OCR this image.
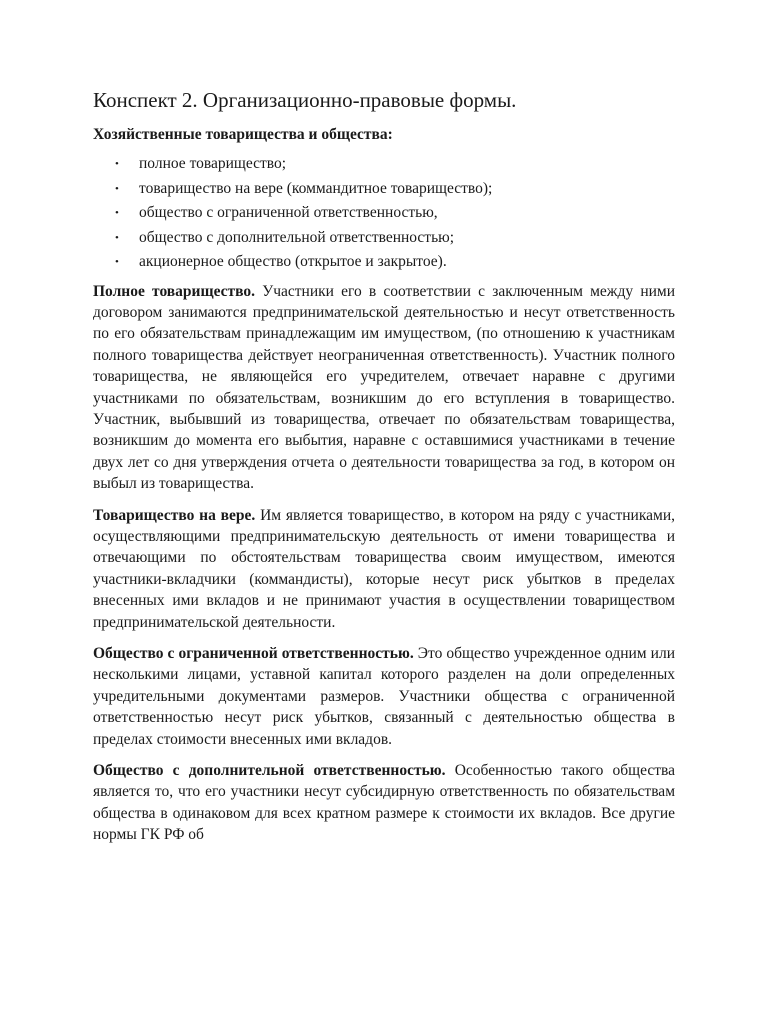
Конспект 2. Организационно-правовые формы.
Хозяйственные товарищества и общества:
• полное товарищество;
• товарищество на вере (коммандитное товарищество);
• общество с ограниченной ответственностью,
• общество с дополнительной ответственностью;
• акционерное общество (открытое и закрытое).

Полное товарищество. Участники его в соответствии с заключенным между ними договором занимаются предпринимательской деятельностью и несут ответственность по его обязательствам принадлежащим им имуществом, (по отношению к участникам полного товарищества действует неограниченная ответственность). Участник полного товарищества, не являющейся его учредителем, отвечает наравне с другими участниками по обязательствам, возникшим до его вступления в товарищество. Участник, выбывший из товарищества, отвечает по обязательствам товарищества, возникшим до момента его выбытия, наравне с оставшимися участниками в течение двух лет со дня утверждения отчета о деятельности товарищества за год, в котором он выбыл из товарищества.

Товарищество на вере. Им является товарищество, в котором на ряду с участниками, осуществляющими предпринимательскую деятельность от имени товарищества и отвечающими по обстоятельствам товарищества своим имуществом, имеются участники-вкладчики (коммандисты), которые несут риск убытков в пределах внесенных ими вкладов и не принимают участия в осуществлении товариществом предпринимательской деятельности.

Общество с ограниченной ответственностью. Это общество учрежденное одним или несколькими лицами, уставной капитал которого разделен на доли определенных учредительными документами размеров. Участники общества с ограниченной ответственностью несут риск убытков, связанный с деятельностью общества в пределах стоимости внесенных ими вкладов.

Общество с дополнительной ответственностью. Особенностью такого общества является то, что его участники несут субсидирную ответственность по обязательствам общества в одинаковом для всех кратном размере к стоимости их вкладов. Все другие нормы ГК РФ об
